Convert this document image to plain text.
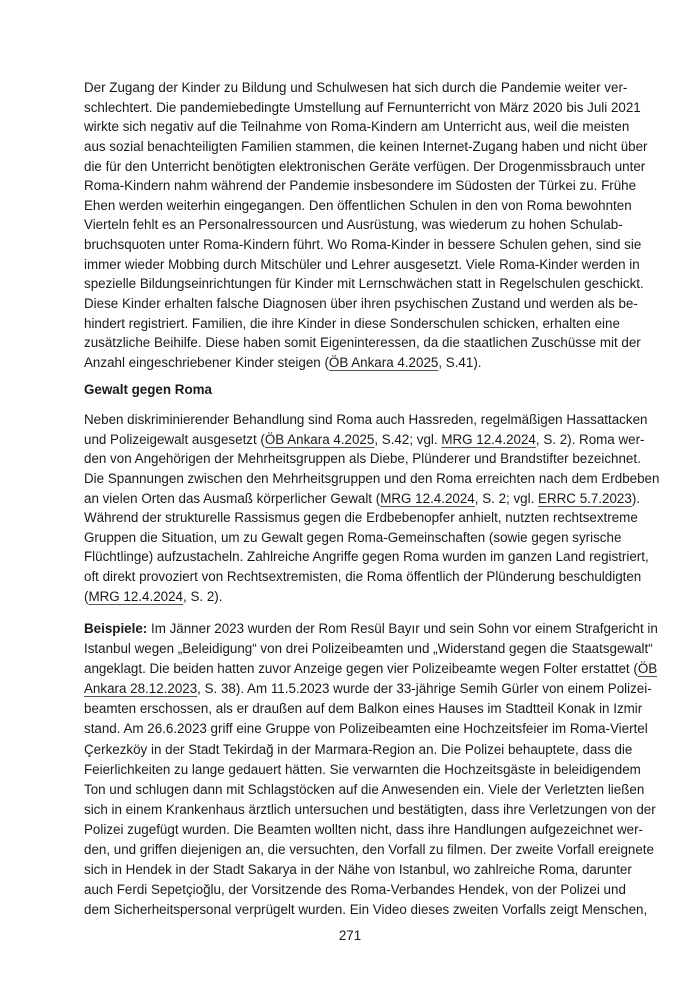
Der Zugang der Kinder zu Bildung und Schulwesen hat sich durch die Pandemie weiter ver-
schlechtert. Die pandemiebedingte Umstellung auf Fernunterricht von März 2020 bis Juli 2021
wirkte sich negativ auf die Teilnahme von Roma-Kindern am Unterricht aus, weil die meisten
aus sozial benachteiligten Familien stammen, die keinen Internet-Zugang haben und nicht über
die für den Unterricht benötigten elektronischen Geräte verfügen. Der Drogenmissbrauch unter
Roma-Kindern nahm während der Pandemie insbesondere im Südosten der Türkei zu. Frühe
Ehen werden weiterhin eingegangen. Den öffentlichen Schulen in den von Roma bewohnten
Vierteln fehlt es an Personalressourcen und Ausrüstung, was wiederum zu hohen Schulab-
bruchsquoten unter Roma-Kindern führt. Wo Roma-Kinder in bessere Schulen gehen, sind sie
immer wieder Mobbing durch Mitschüler und Lehrer ausgesetzt. Viele Roma-Kinder werden in
spezielle Bildungseinrichtungen für Kinder mit Lernschwächen statt in Regelschulen geschickt.
Diese Kinder erhalten falsche Diagnosen über ihren psychischen Zustand und werden als be-
hindert registriert. Familien, die ihre Kinder in diese Sonderschulen schicken, erhalten eine
zusätzliche Beihilfe. Diese haben somit Eigeninteressen, da die staatlichen Zuschüsse mit der
Anzahl eingeschriebener Kinder steigen (ÖB Ankara 4.2025, S.41).
Gewalt gegen Roma
Neben diskriminierender Behandlung sind Roma auch Hassreden, regelmäßigen Hassattacken
und Polizeigewalt ausgesetzt (ÖB Ankara 4.2025, S.42; vgl. MRG 12.4.2024, S. 2). Roma wer-
den von Angehörigen der Mehrheitsgruppen als Diebe, Plünderer und Brandstifter bezeichnet.
Die Spannungen zwischen den Mehrheitsgruppen und den Roma erreichten nach dem Erdbeben
an vielen Orten das Ausmaß körperlicher Gewalt (MRG 12.4.2024, S. 2; vgl. ERRC 5.7.2023).
Während der strukturelle Rassismus gegen die Erdbebenopfer anhielt, nutzten rechtsextreme
Gruppen die Situation, um zu Gewalt gegen Roma-Gemeinschaften (sowie gegen syrische
Flüchtlinge) aufzustacheln. Zahlreiche Angriffe gegen Roma wurden im ganzen Land registriert,
oft direkt provoziert von Rechtsextremisten, die Roma öffentlich der Plünderung beschuldigten
(MRG 12.4.2024, S. 2).
Beispiele: Im Jänner 2023 wurden der Rom Resül Bayır und sein Sohn vor einem Strafgericht in
Istanbul wegen „Beleidigung“ von drei Polizeibeamten und „Widerstand gegen die Staatsgewalt“
angeklagt. Die beiden hatten zuvor Anzeige gegen vier Polizeibeamte wegen Folter erstattet (ÖB
Ankara 28.12.2023, S. 38). Am 11.5.2023 wurde der 33-jährige Semih Gürler von einem Polizei-
beamten erschossen, als er draußen auf dem Balkon eines Hauses im Stadtteil Konak in Izmir
stand. Am 26.6.2023 griff eine Gruppe von Polizeibeamten eine Hochzeitsfeier im Roma-Viertel
Çerkezköy in der Stadt Tekirdağ in der Marmara-Region an. Die Polizei behauptete, dass die
Feierlichkeiten zu lange gedauert hätten. Sie verwarnten die Hochzeitsgäste in beleidigendem
Ton und schlugen dann mit Schlagstöcken auf die Anwesenden ein. Viele der Verletzten ließen
sich in einem Krankenhaus ärztlich untersuchen und bestätigten, dass ihre Verletzungen von der
Polizei zugefügt wurden. Die Beamten wollten nicht, dass ihre Handlungen aufgezeichnet wer-
den, und griffen diejenigen an, die versuchten, den Vorfall zu filmen. Der zweite Vorfall ereignete
sich in Hendek in der Stadt Sakarya in der Nähe von Istanbul, wo zahlreiche Roma, darunter
auch Ferdi Sepetçioğlu, der Vorsitzende des Roma-Verbandes Hendek, von der Polizei und
dem Sicherheitspersonal verprügelt wurden. Ein Video dieses zweiten Vorfalls zeigt Menschen,
271
